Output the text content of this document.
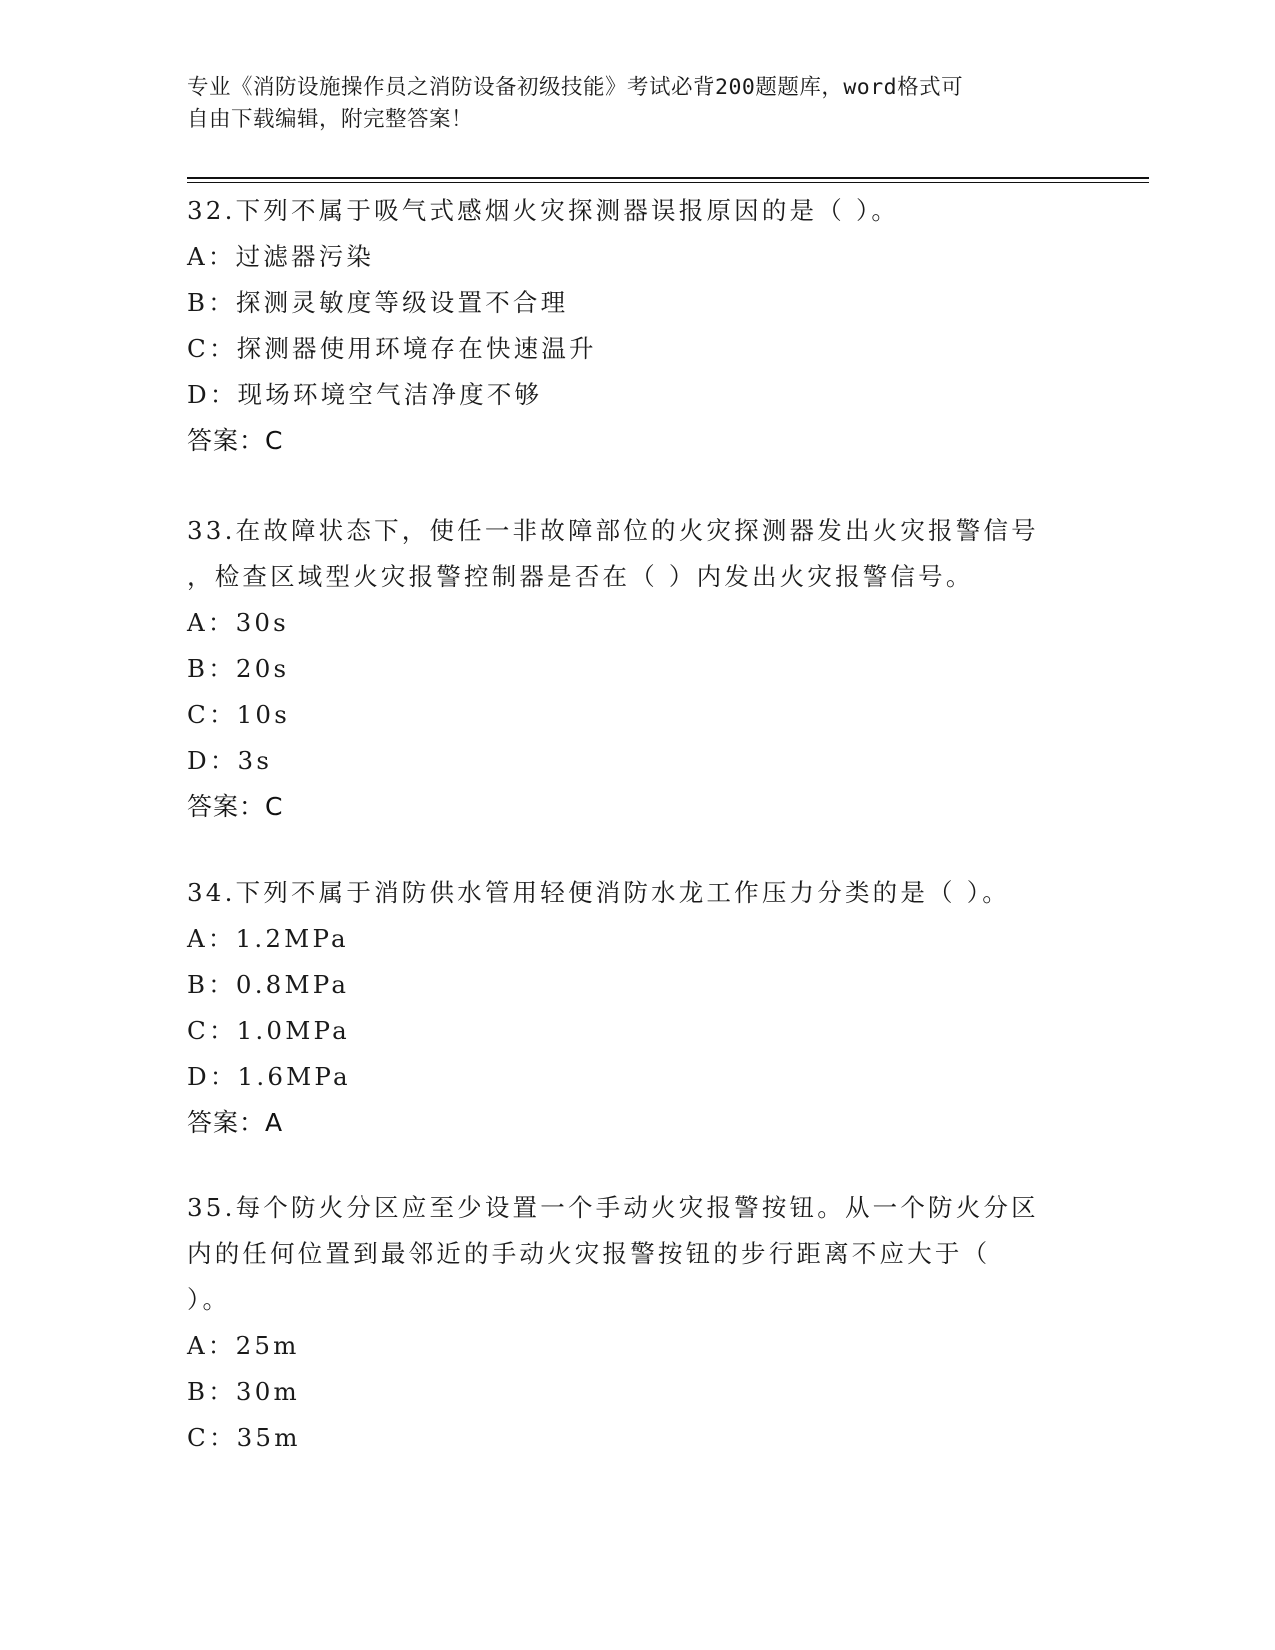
专业《消防设施操作员之消防设备初级技能》考试必背200题题库，word格式可
自由下载编辑，附完整答案！
32.下列不属于吸气式感烟火灾探测器误报原因的是（ ）。
A：过滤器污染
B：探测灵敏度等级设置不合理
C：探测器使用环境存在快速温升
D：现场环境空气洁净度不够
答案：C
33.在故障状态下，使任一非故障部位的火灾探测器发出火灾报警信号
，检查区域型火灾报警控制器是否在（ ）内发出火灾报警信号。
A：30s
B：20s
C：10s
D：3s
答案：C
34.下列不属于消防供水管用轻便消防水龙工作压力分类的是（ ）。
A：1.2MPa
B：0.8MPa
C：1.0MPa
D：1.6MPa
答案：A
35.每个防火分区应至少设置一个手动火灾报警按钮。从一个防火分区
内的任何位置到最邻近的手动火灾报警按钮的步行距离不应大于（
）。
A：25m
B：30m
C：35m
